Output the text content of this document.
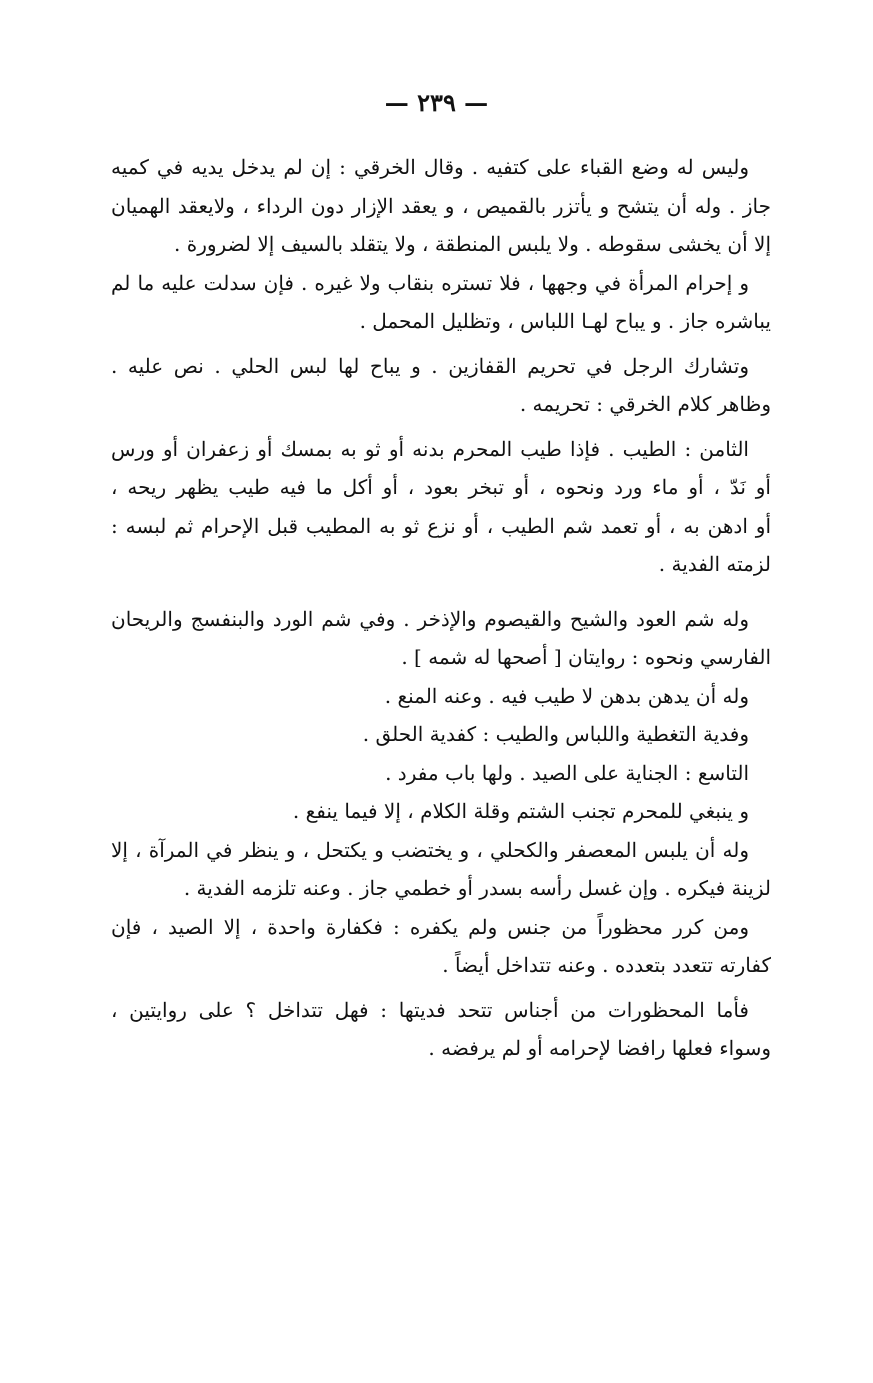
— ٢٣٩ —
وليس له وضع القباء على كتفيه . وقال الخرقي : إن لم يدخل يديه في كميه
جاز . وله أن يتشح و يأتزر بالقميص ، و يعقد الإزار دون الرداء ، ولايعقد الهميان
إلا أن يخشى سقوطه . ولا يلبس المنطقة ، ولا يتقلد بالسيف إلا لضرورة .
و إحرام المرأة في وجهها ، فلا تستره بنقاب ولا غيره . فإن سدلت عليه ما لم
يباشره جاز . و يباح لهـا اللباس ، وتظليل المحمل .
وتشارك الرجل في تحريم القفازين . و يباح لها لبس الحلي . نص عليه .
وظاهر كلام الخرقي : تحريمه .
الثامن : الطيب . فإذا طيب المحرم بدنه أو ثو به بمسك أو زعفران أو ورس
أو نَدّ ، أو ماء ورد ونحوه ، أو تبخر بعود ، أو أكل ما فيه طيب يظهر ريحه ،
أو ادهن به ، أو تعمد شم الطيب ، أو نزع ثو به المطيب قبل الإحرام ثم لبسه :
لزمته الفدية .
وله شم العود والشيح والقيصوم والإذخر . وفي شم الورد والبنفسج والريحان
الفارسي ونحوه : روايتان [ أصحها له شمه ] .
وله أن يدهن بدهن لا طيب فيه . وعنه المنع .
وفدية التغطية واللباس والطيب : كفدية الحلق .
التاسع : الجناية على الصيد . ولها باب مفرد .
و ينبغي للمحرم تجنب الشتم وقلة الكلام ، إلا فيما ينفع .
وله أن يلبس المعصفر والكحلي ، و يختضب و يكتحل ، و ينظر في المرآة ، إلا
لزينة فيكره . وإن غسل رأسه بسدر أو خطمي جاز . وعنه تلزمه الفدية .
ومن كرر محظوراً من جنس ولم يكفره : فكفارة واحدة ، إلا الصيد ، فإن
كفارته تتعدد بتعدده . وعنه تتداخل أيضاً .
فأما المحظورات من أجناس تتحد فديتها : فهل تتداخل ؟ على روايتين ،
وسواء فعلها رافضا لإحرامه أو لم يرفضه .
